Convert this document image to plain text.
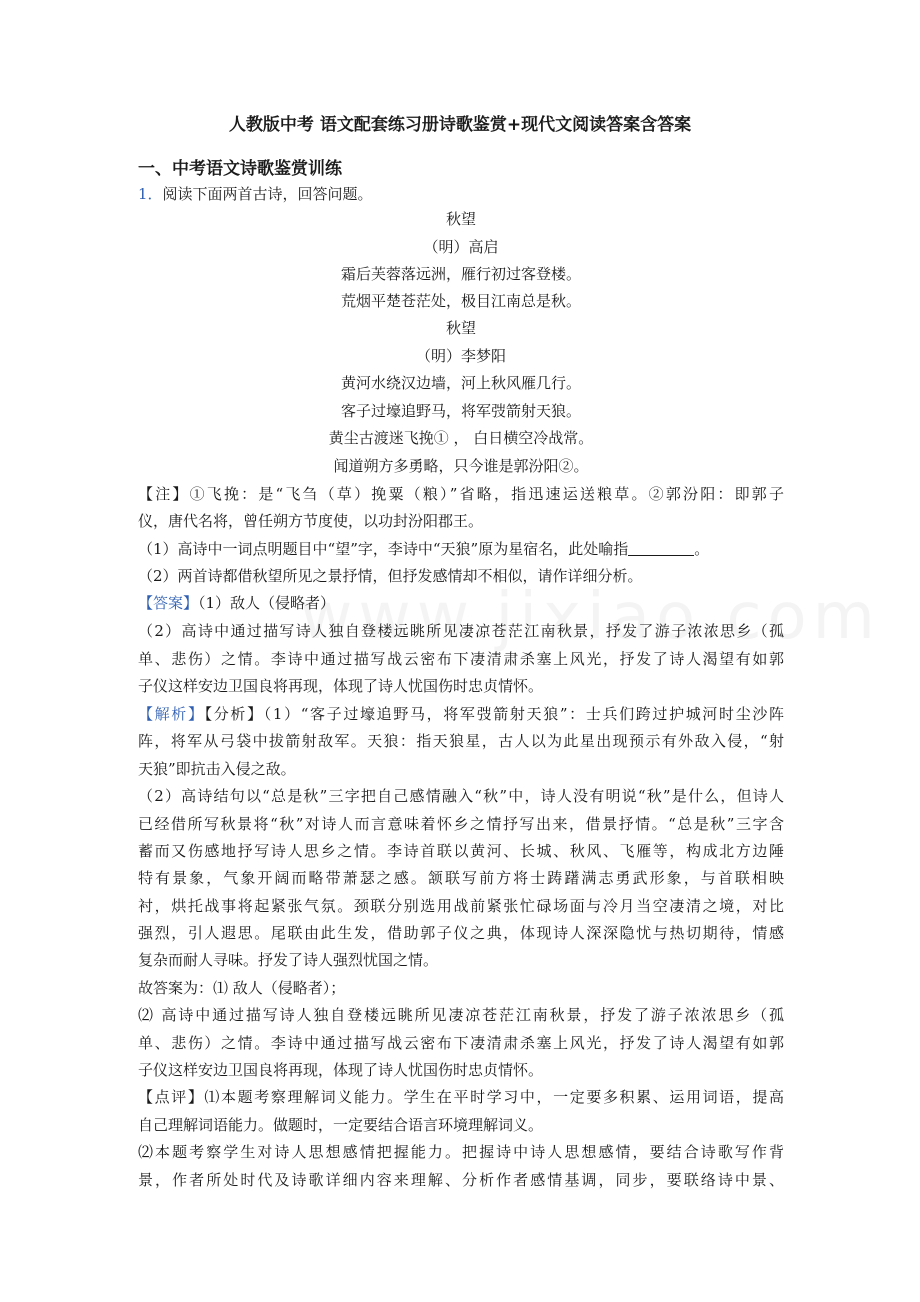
人教版中考 语文配套练习册诗歌鉴赏+现代文阅读答案含答案
一、中考语文诗歌鉴赏训练
1．阅读下面两首古诗，回答问题。
秋望
（明）高启
霜后芙蓉落远洲，雁行初过客登楼。
荒烟平楚苍茫处，极目江南总是秋。
秋望
（明）李梦阳
黄河水绕汉边墙，河上秋风雁几行。
客子过壕追野马，将军弢箭射天狼。
黄尘古渡迷飞挽① ， 白日横空冷战常。
闻道朔方多勇略，只今谁是郭汾阳②。
【注】①飞挽：是“飞刍（草）挽粟（粮）”省略，指迅速运送粮草。②郭汾阳：即郭子
仪，唐代名将，曾任朔方节度使，以功封汾阳郡王。
（1）高诗中一词点明题目中“望”字，李诗中“天狼”原为星宿名，此处喻指	。
（2）两首诗都借秋望所见之景抒情，但抒发感情却不相似，请作详细分析。
【答案】（1）敌人（侵略者）
（2）高诗中通过描写诗人独自登楼远眺所见凄凉苍茫江南秋景，抒发了游子浓浓思乡（孤
单、悲伤）之情。李诗中通过描写战云密布下凄清肃杀塞上风光，抒发了诗人渴望有如郭
子仪这样安边卫国良将再现，体现了诗人忧国伤时忠贞情怀。
【解析】【分析】（1）“客子过壕追野马，将军弢箭射天狼”：士兵们跨过护城河时尘沙阵
阵，将军从弓袋中拔箭射敌军。天狼：指天狼星，古人以为此星出现预示有外敌入侵，“射
天狼”即抗击入侵之敌。
（2）高诗结句以“总是秋”三字把自己感情融入“秋”中，诗人没有明说“秋”是什么，但诗人
已经借所写秋景将“秋”对诗人而言意味着怀乡之情抒写出来，借景抒情。“总是秋”三字含
蓄而又伤感地抒写诗人思乡之情。李诗首联以黄河、长城、秋风、飞雁等，构成北方边陲
特有景象，气象开阔而略带萧瑟之感。颔联写前方将士踌躇满志勇武形象，与首联相映
衬，烘托战事将起紧张气氛。颈联分别选用战前紧张忙碌场面与冷月当空凄清之境，对比
强烈，引人遐思。尾联由此生发，借助郭子仪之典，体现诗人深深隐忧与热切期待，情感
复杂而耐人寻味。抒发了诗人强烈忧国之情。
故答案为：⑴ 敌人（侵略者）；
⑵ 高诗中通过描写诗人独自登楼远眺所见凄凉苍茫江南秋景，抒发了游子浓浓思乡（孤
单、悲伤）之情。李诗中通过描写战云密布下凄清肃杀塞上风光，抒发了诗人渴望有如郭
子仪这样安边卫国良将再现，体现了诗人忧国伤时忠贞情怀。
【点评】⑴本题考察理解词义能力。学生在平时学习中，一定要多积累、运用词语，提高
自己理解词语能力。做题时，一定要结合语言环境理解词义。
⑵本题考察学生对诗人思想感情把握能力。把握诗中诗人思想感情，要结合诗歌写作背
景，作者所处时代及诗歌详细内容来理解、分析作者感情基调，同步，要联络诗中景、
